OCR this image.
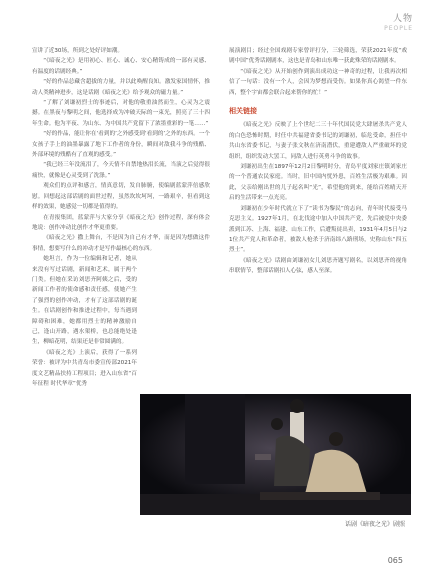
人物
PEOPLE

宣讲了近30场，所到之处好评如潮。

“《暗夜之光》是用初心、匠心、诚心、安心精铸成的一部有灵感、有温度的话剧经典。”

“好的作品总藏含超拔的力量，并以此唤醒良知。激发家国情怀，推动人类精神进步，这是话剧《暗夜之光》给予观众的磁力量。”

“了解了刘谦初烈士的事迹后，对他的敬重油然而生，心灵为之震撼。在黑夜与黎明之间，他选择成为冲破天际的一束光，照亮了三十四年生命。他为平夜、为山东、为中国共产党留下了浓墨重彩的一笔……”

“好的作品，能让你在‘看到的’之外感受到‘看到的’之外的东西。一个女孩子手上的油墨暴露了地下工作者的身份，瞬间对敌我斗争的残酷、外部环境的残酷有了直观的感受。”

“我已经三年没流泪了，今天情不自禁地热泪长流，当演之后觉得很痛快，就像是心灵受到了洗涤。”

观众们的点评和感言，情真意切，发自肺腑，使编剧蓝蒙萍倍感欣慰。回想起这部话剧的面世过程，虽然坎坎坷坷，一路艰辛，但看到这样的效果，她感觉一切都是值得的。

在青报集团，蓝蒙萍与大家分享《暗夜之光》创作过程，深有体会地说：创作冲动比创作才华更重要。

《暗夜之光》撒上舞台，不是因为自己有才华，而是因为想做这件事情，想要写什么的冲动才是写作最核心的东西。

她坦言，作为一位编辑和记者，她从来没有写过话剧，新闻和艺术，属于两个门类。但她在采访刘思齐阿姨之后，受的新闻工作者的使命感和责任感，使她产生了强烈的创作冲动，才有了这部话剧的诞生。在话剧创作和推进过程中，每当遇到障碍和困难，她都用烈士的精神激励自己，逢山开路，遇水架桥，也总能绝处逢生，柳暗花明，结果还是非常圆满的。

《暗夜之光》上演后，获得了一系列荣誉：被评为中共青岛市委宣传部2021年度文艺精品扶持工程项目；进入山东省“百年征程 时代华章”优秀

展演剧目；经过全国戏剧专家曾评打分，三轮筛选，荣获2021年度“戏剧中国”优秀话剧剧本，这也是青岛和山东唯一获此殊荣的话剧剧本。

“《暗夜之光》从开始创作到演出成功这一神奇的过程，让我再次相信了一句话：没有一个人，会因为梦想而受伤。如果你真心渴望一件东西，整个宇宙都会联合起来帮你的忙！”

相关链接

《暗夜之光》反映了上个世纪二三十年代国民党大肆屠杀共产党人的白色恐怖时期，时任中共福建省委书记的刘谦初，临危受命，担任中共山东省委书记，与妻子张文秋在济南潜伏，重建遭敌人严重破坏的党组织，组织发动大罢工，同敌人进行英勇斗争的故事。

刘谦初出生在1897年12月2日黎明时分，青岛平度刘家庄镇刘家庄的一个普通农民家庭。当时，旧中国内忧外患，百姓生活极为艰难。因此，父亲给刚出世的儿子起名叫“光”，希望他的到来，能给百姓晴天开启的生活带来一点光亮。

刘谦初在少年时代就立下了“读书为黎民”的志向，青年时代接受马克思主义。1927年1月，在北伐途中加入中国共产党，先后被党中央委派到江苏、上海、福建、山东工作，后遭叛徒出卖，1931年4月5日与21位共产党人和革命者，被敌人枪杀于济南纬八路刑场，史称山东“四五烈士”。

《暗夜之光》话剧由刘谦初女儿刘思齐题写剧名，以刘思齐的视角串联情节，整部话剧扣人心弦，感人至深。

话剧《暗夜之光》剧照
065
